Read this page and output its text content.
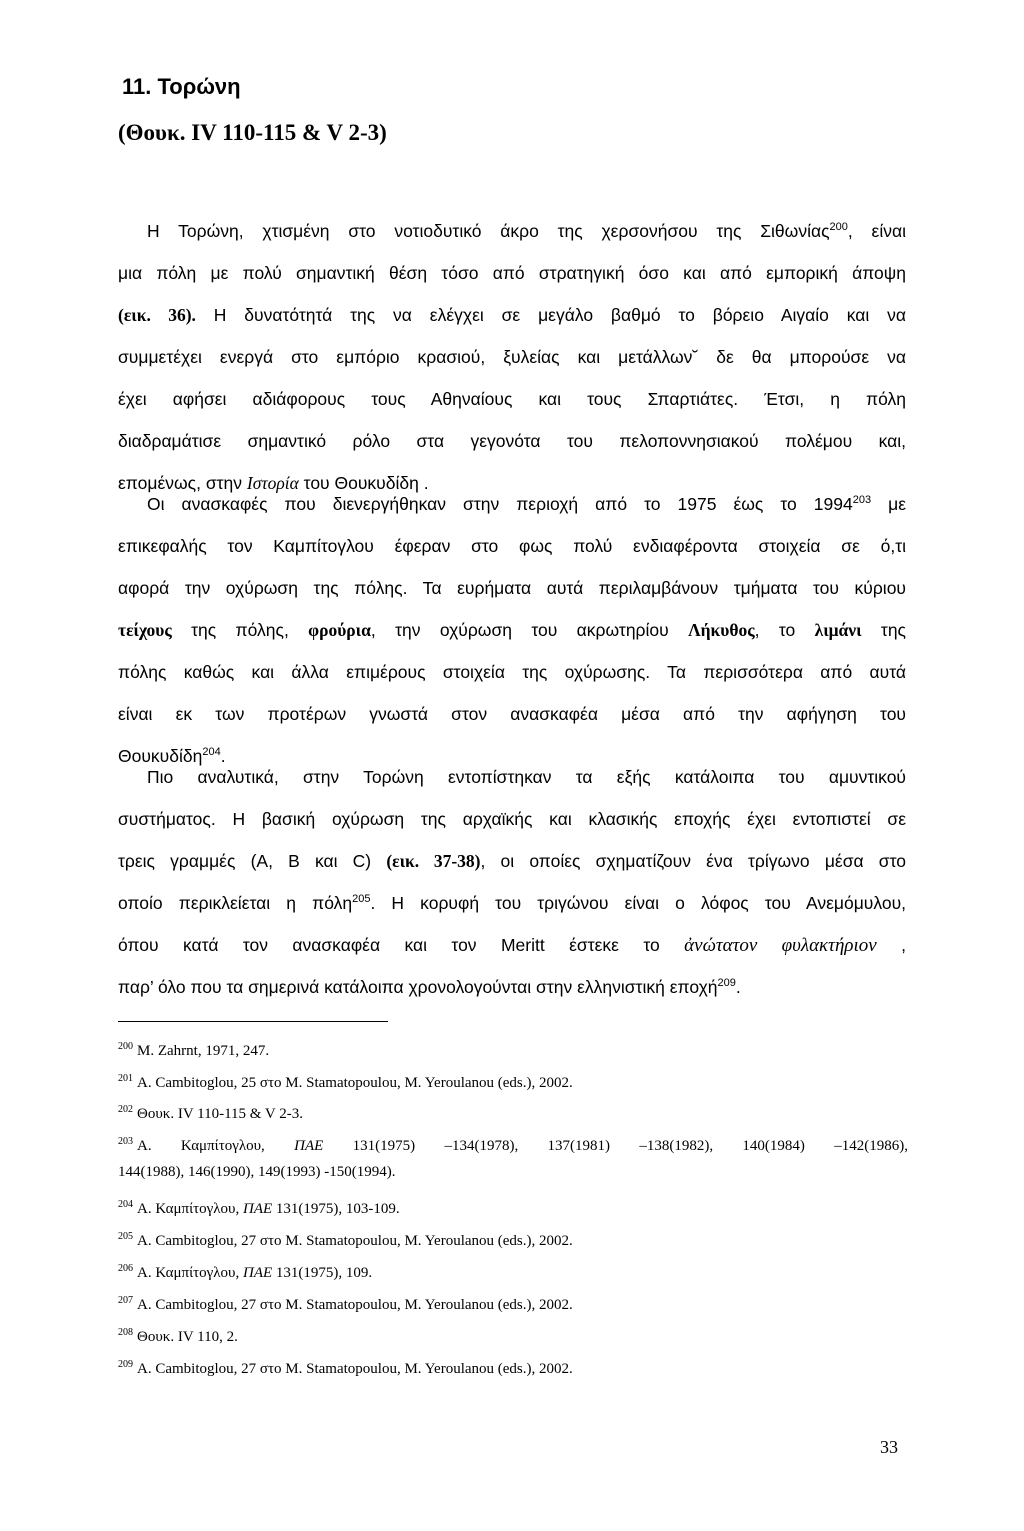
11. Τορώνη
(Θουκ. IV 110-115 & V 2-3)
Η Τορώνη, χτισμένη στο νοτιοδυτικό άκρο της χερσονήσου της Σιθωνίας$^{200}$, είναι
μια πόλη με πολύ σημαντική θέση τόσο από στρατηγική όσο και από εμπορική άποψη
(εικ. 36). Η δυνατότητά της να ελέγχει σε μεγάλο βαθμό το βόρειο Αιγαίο και να
συμμετέχει ενεργά στο εμπόριο κρασιού, ξυλείας και μετάλλων˘ δε θα μπορούσε να
έχει αφήσει αδιάφορους τους Αθηναίους και τους Σπαρτιάτες. Έτσι, η πόλη
διαδραμάτισε σημαντικό ρόλο στα γεγονότα του πελοποννησιακού πολέμου και,
επομένως, στην Ιστορία του Θουκυδίδη .
Οι ανασκαφές που διενεργήθηκαν στην περιοχή από το 1975 έως το 1994$^{203}$ με
επικεφαλής τον Καμπίτογλου έφεραν στο φως πολύ ενδιαφέροντα στοιχεία σε ό,τι
αφορά την οχύρωση της πόλης. Τα ευρήματα αυτά περιλαμβάνουν τμήματα του κύριου
τείχους της πόλης, φρούρια, την οχύρωση του ακρωτηρίου Λήκυθος, το λιμάνι της
πόλης καθώς και άλλα επιμέρους στοιχεία της οχύρωσης. Τα περισσότερα από αυτά
είναι εκ των προτέρων γνωστά στον ανασκαφέα μέσα από την αφήγηση του
Θουκυδίδη$^{204}$.
Πιο αναλυτικά, στην Τορώνη εντοπίστηκαν τα εξής κατάλοιπα του αμυντικού
συστήματος. Η βασική οχύρωση της αρχαϊκής και κλασικής εποχής έχει εντοπιστεί σε
τρεις γραμμές (Α, Β και C) (εικ. 37-38), οι οποίες σχηματίζουν ένα τρίγωνο μέσα στο
οποίο περικλείεται η πόλη$^{205}$. Η κορυφή του τριγώνου είναι ο λόφος του Ανεμόμυλου,
όπου κατά τον ανασκαφέα και τον Meritt έστεκε το ἀνώτατον φυλακτήριον ,
παρ’ όλο που τα σημερινά κατάλοιπα χρονολογούνται στην ελληνιστική εποχή$^{209}$.
$^{200}$ M. Zahrnt, 1971, 247.
$^{201}$ A. Cambitoglou, 25 στο M. Stamatopoulou, M. Yeroulanou (eds.), 2002.
$^{202}$ Θουκ. IV 110-115 & V 2-3.
$^{203}$ Α. Καμπίτογλου, ΠΑΕ 131(1975) –134(1978), 137(1981) –138(1982), 140(1984) –142(1986),
144(1988), 146(1990), 149(1993) -150(1994).
$^{204}$ Α. Καμπίτογλου, ΠΑΕ 131(1975), 103-109.
$^{205}$ A. Cambitoglou, 27 στο M. Stamatopoulou, M. Yeroulanou (eds.), 2002.
$^{206}$ Α. Καμπίτογλου, ΠΑΕ 131(1975), 109.
$^{207}$ A. Cambitoglou, 27 στο M. Stamatopoulou, M. Yeroulanou (eds.), 2002.
$^{208}$ Θουκ. IV 110, 2.
$^{209}$ A. Cambitoglou, 27 στο M. Stamatopoulou, M. Yeroulanou (eds.), 2002.
33
